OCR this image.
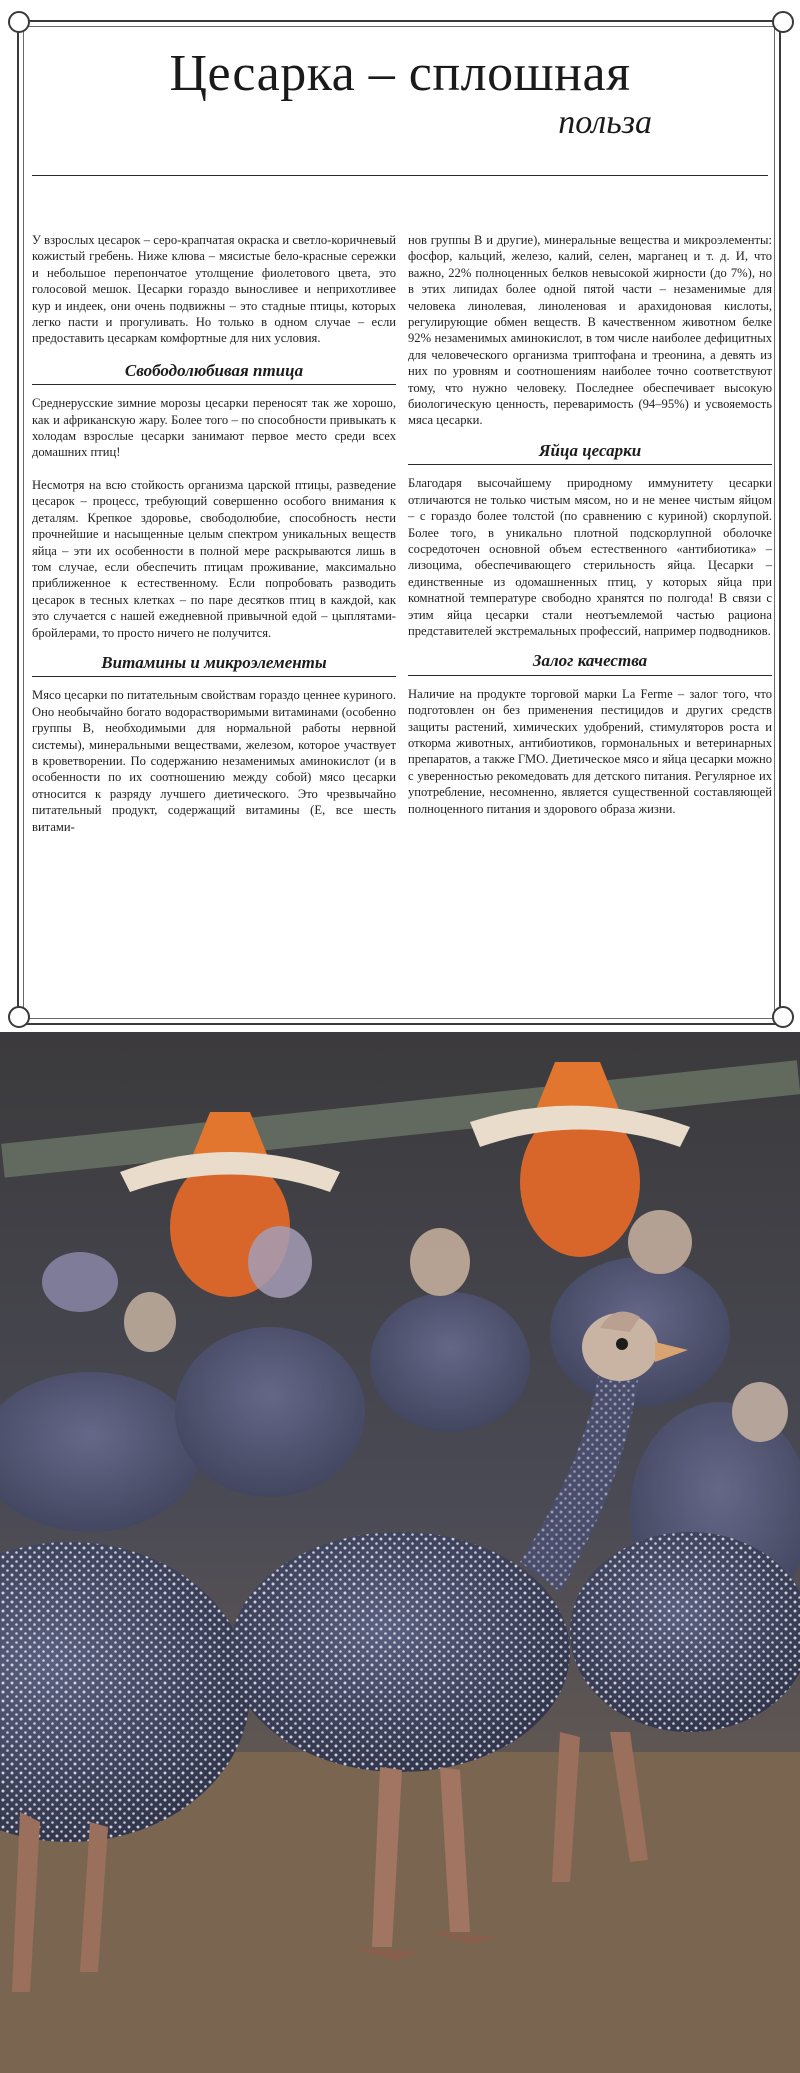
Цесарка – сплошная
польза

У взрослых цесарок – серо-крапчатая окраска и светло-коричневый кожистый гребень. Ниже клюва – мясистые бело-красные сережки и небольшое перепончатое утолщение фиолетового цвета, это голосовой мешок. Цесарки гораздо выносливее и неприхотливее кур и индеек, они очень подвижны – это стадные птицы, которых легко пасти и прогуливать. Но только в одном случае – если предоставить цесаркам комфортные для них условия.

Свободолюбивая птица

Среднерусские зимние морозы цесарки переносят так же хорошо, как и африканскую жару. Более того – по способности привыкать к холодам взрослые цесарки занимают первое место среди всех домашних птиц!

Несмотря на всю стойкость организма царской птицы, разведение цесарок – процесс, требующий совершенно особого внимания к деталям. Крепкое здоровье, свободолюбие, способность нести прочнейшие и насыщенные целым спектром уникальных веществ яйца – эти их особенности в полной мере раскрываются лишь в том случае, если обеспечить птицам проживание, максимально приближенное к естественному. Если попробовать разводить цесарок в тесных клетках – по паре десятков птиц в каждой, как это случается с нашей ежедневной привычной едой – цыплятами-бройлерами, то просто ничего не получится.

Витамины и микроэлементы

Мясо цесарки по питательным свойствам гораздо ценнее куриного. Оно необычайно богато водорастворимыми витаминами (особенно группы В, необходимыми для нормальной работы нервной системы), минеральными веществами, железом, которое участвует в кроветворении. По содержанию незаменимых аминокислот (и в особенности по их соотношению между собой) мясо цесарки относится к разряду лучшего диетического. Это чрезвычайно питательный продукт, содержащий витамины (Е, все шесть витами-

нов группы В и другие), минеральные вещества и микроэлементы: фосфор, кальций, железо, калий, селен, марганец и т. д. И, что важно, 22% полноценных белков невысокой жирности (до 7%), но в этих липидах более одной пятой части – незаменимые для человека линолевая, линоленовая и арахидоновая кислоты, регулирующие обмен веществ. В качественном животном белке 92% незаменимых аминокислот, в том числе наиболее дефицитных для человеческого организма триптофана и треонина, а девять из них по уровням и соотношениям наиболее точно соответствуют тому, что нужно человеку. Последнее обеспечивает высокую биологическую ценность, переваримость (94–95%) и усвояемость мяса цесарки.

Яйца цесарки

Благодаря высочайшему природному иммунитету цесарки отличаются не только чистым мясом, но и не менее чистым яйцом – с гораздо более толстой (по сравнению с куриной) скорлупой. Более того, в уникально плотной подскорлупной оболочке сосредоточен основной объем естественного «антибиотика» – лизоцима, обеспечивающего стерильность яйца. Цесарки – единственные из одомашненных птиц, у которых яйца при комнатной температуре свободно хранятся по полгода! В связи с этим яйца цесарки стали неотъемлемой частью рациона представителей экстремальных профессий, например подводников.

Залог качества

Наличие на продукте торговой марки La Ferme – залог того, что подготовлен он без применения пестицидов и других средств защиты растений, химических удобрений, стимуляторов роста и откорма животных, антибиотиков, гормональных и ветеринарных препаратов, а также ГМО. Диетическое мясо и яйца цесарки можно с уверенностью рекомедовать для детского питания. Регулярное их употребление, несомненно, является существенной составляющей полноценного питания и здорового образа жизни.
